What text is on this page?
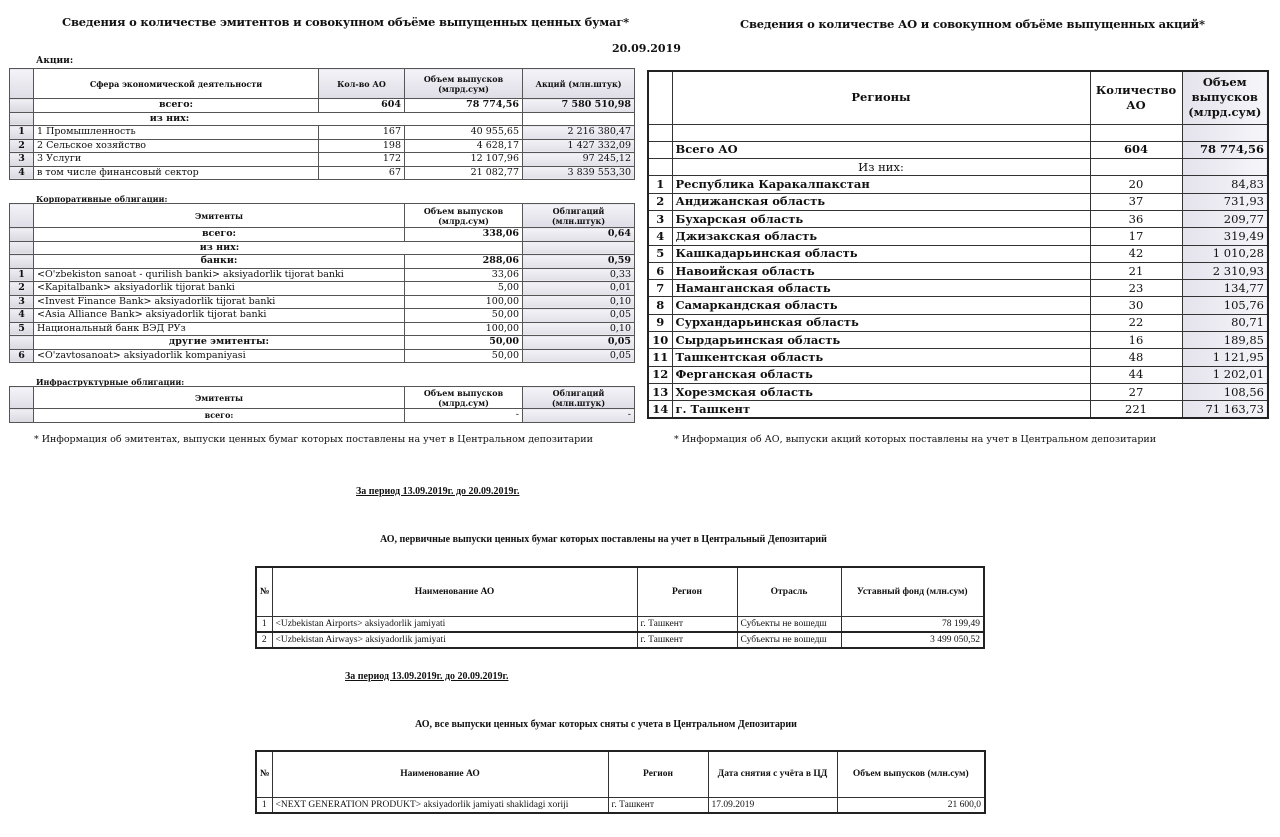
Сведения о количестве эмитентов и совокупном объёме выпущенных ценных бумаг*
20.09.2019
Акции:
	Сфера экономической деятельности	Кол-во АО	Объем выпусков (млрд.сум)	Акций (млн.штук)
	всего:	604	78 774,56	7 580 510,98
	из них:			
1	1 Промышленность	167	40 955,65	2 216 380,47
2	2 Сельское хозяйство	198	4 628,17	1 427 332,09
3	3 Услуги	172	12 107,96	97 245,12
4	в том числе финансовый сектор	67	21 082,77	3 839 553,30
Корпоративные облигации:
	Эмитенты	Объем выпусков (млрд.сум)	Облигаций (млн.штук)
	всего:	338,06	0,64
	из них:		
	банки:	288,06	0,59
1	<O'zbekiston sanoat - qurilish banki> aksiyadorlik tijorat banki	33,06	0,33
2	<Kapitalbank> aksiyadorlik tijorat banki	5,00	0,01
3	<Invest Finance Bank> aksiyadorlik tijorat banki	100,00	0,10
4	<Asia Alliance Bank> aksiyadorlik tijorat banki	50,00	0,05
5	Национальный банк ВЭД РУз	100,00	0,10
	другие эмитенты:	50,00	0,05
6	<O'zavtosanoat> aksiyadorlik kompaniyasi	50,00	0,05
Инфраструктурные облигации:
	Эмитенты	Объем выпусков (млрд.сум)	Облигаций (млн.штук)
	всего:	-	-
* Информация об эмитентах, выпуски ценных бумаг которых поставлены на учет в Центральном депозитарии
Сведения о количестве АО и совокупном объёме выпущенных акций*
	Регионы	Количество АО	Объем выпусков (млрд.сум)

	Всего АО	604	78 774,56
	Из них:		
1	Республика Каракалпакстан	20	84,83
2	Андижанская область	37	731,93
3	Бухарская область	36	209,77
4	Джизакская область	17	319,49
5	Кашкадарьинская область	42	1 010,28
6	Навоийская область	21	2 310,93
7	Наманганская область	23	134,77
8	Самаркандская область	30	105,76
9	Сурхандарьинская область	22	80,71
10	Сырдарьинская область	16	189,85
11	Ташкентская область	48	1 121,95
12	Ферганская область	44	1 202,01
13	Хорезмская область	27	108,56
14	г. Ташкент	221	71 163,73
* Информация об АО, выпуски акций которых поставлены на учет в Центральном депозитарии
За период 13.09.2019г. до 20.09.2019г.
АО, первичные выпуски ценных бумаг которых поставлены на учет в Центральный Депозитарий
№	Наименование АО	Регион	Отрасль	Уставный фонд (млн.сум)
1	<Uzbekistan Airports> aksiyadorlik jamiyati	г. Ташкент	Субъекты не вошедш	78 199,49
2	<Uzbekistan Airways> aksiyadorlik jamiyati	г. Ташкент	Субъекты не вошедш	3 499 050,52
За период 13.09.2019г. до 20.09.2019г.
АО, все выпуски ценных бумаг которых сняты с учета в Центральном Депозитарии
№	Наименование АО	Регион	Дата снятия с учёта в ЦД	Объем выпусков (млн.сум)
1	<NEXT GENERATION PRODUKT> aksiyadorlik jamiyati shaklidagi xoriji	г. Ташкент	17.09.2019	21 600,0
